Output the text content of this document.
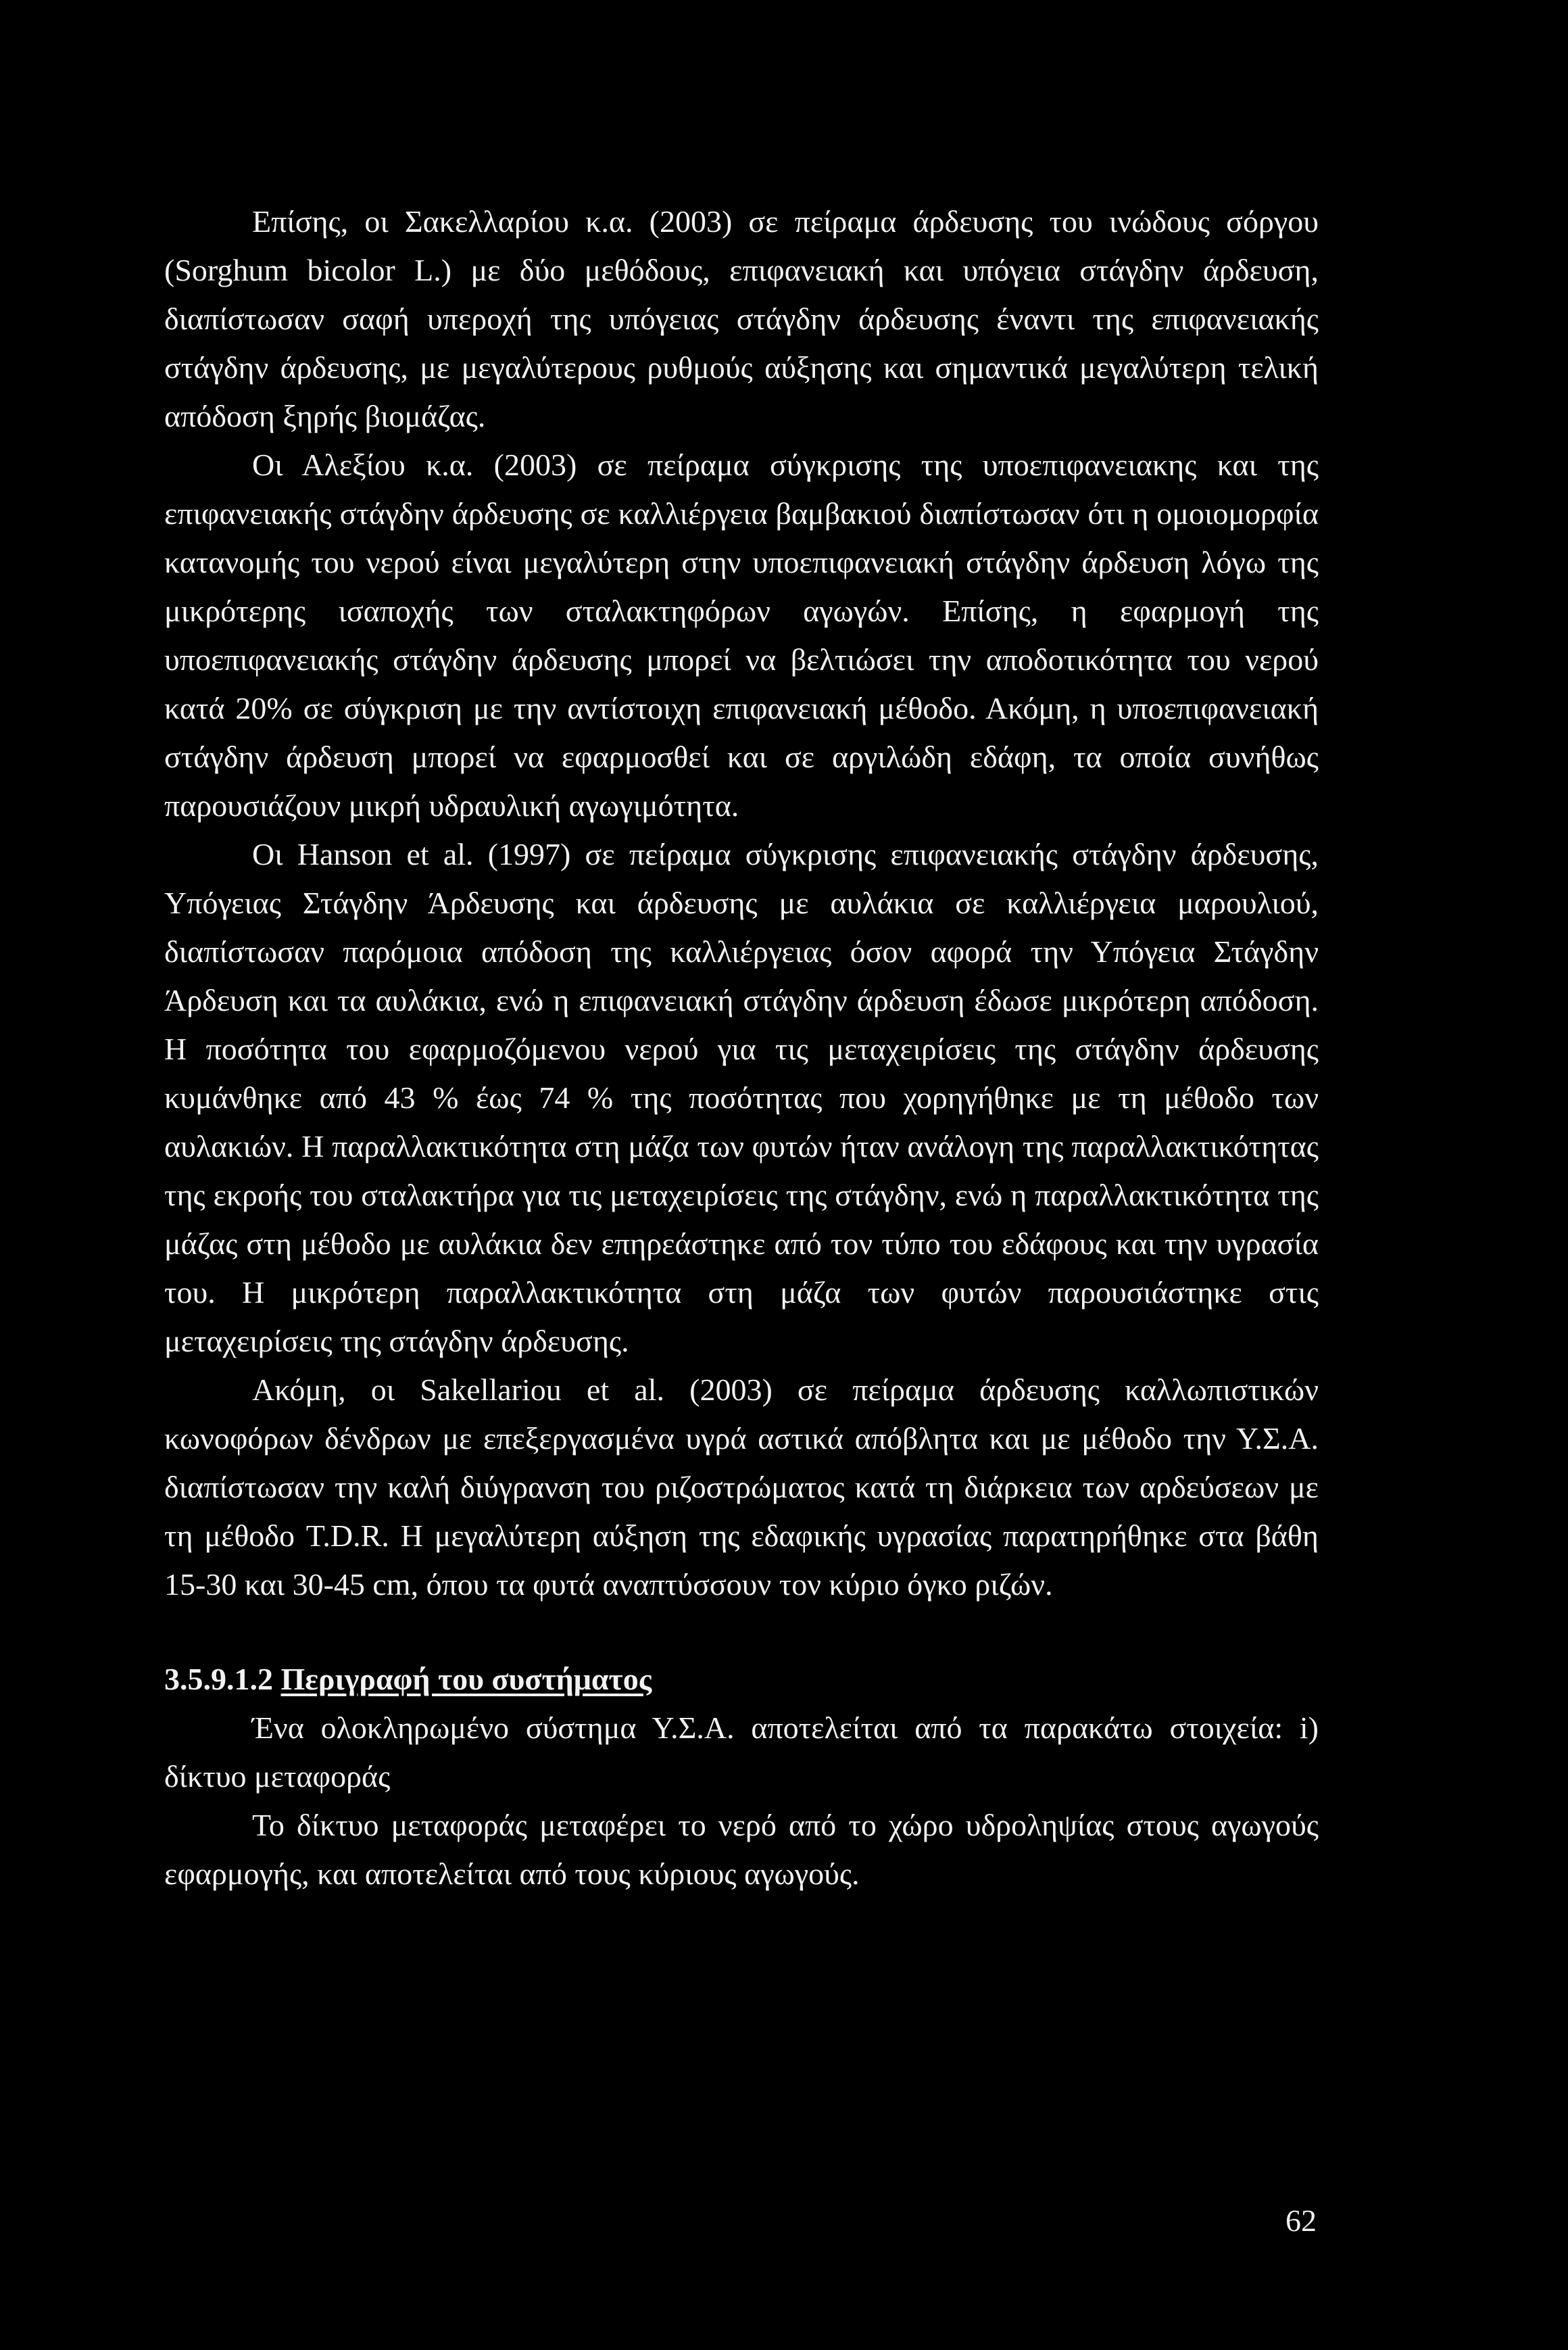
Επίσης, οι Σακελλαρίου κ.α. (2003) σε πείραμα άρδευσης του ινώδους σόργου (Sorghum bicolor L.) με δύο μεθόδους, επιφανειακή και υπόγεια στάγδην άρδευση, διαπίστωσαν σαφή υπεροχή της υπόγειας στάγδην άρδευσης έναντι της επιφανειακής στάγδην άρδευσης, με μεγαλύτερους ρυθμούς αύξησης και σημαντικά μεγαλύτερη τελική απόδοση ξηρής βιομάζας.

Οι Αλεξίου κ.α. (2003) σε πείραμα σύγκρισης της υποεπιφανειακης και της επιφανειακής στάγδην άρδευσης σε καλλιέργεια βαμβακιού διαπίστωσαν ότι η ομοιομορφία κατανομής του νερού είναι μεγαλύτερη στην υποεπιφανειακή στάγδην άρδευση λόγω της μικρότερης ισαποχής των σταλακτηφόρων αγωγών. Επίσης, η εφαρμογή της υποεπιφανειακής στάγδην άρδευσης μπορεί να βελτιώσει την αποδοτικότητα του νερού κατά 20% σε σύγκριση με την αντίστοιχη επιφανειακή μέθοδο. Ακόμη, η υποεπιφανειακή στάγδην άρδευση μπορεί να εφαρμοσθεί και σε αργιλώδη εδάφη, τα οποία συνήθως παρουσιάζουν μικρή υδραυλική αγωγιμότητα.

Οι Hanson et al. (1997) σε πείραμα σύγκρισης επιφανειακής στάγδην άρδευσης, Υπόγειας Στάγδην Άρδευσης και άρδευσης με αυλάκια σε καλλιέργεια μαρουλιού, διαπίστωσαν παρόμοια απόδοση της καλλιέργειας όσον αφορά την Υπόγεια Στάγδην Άρδευση και τα αυλάκια, ενώ η επιφανειακή στάγδην άρδευση έδωσε μικρότερη απόδοση. Η ποσότητα του εφαρμοζόμενου νερού για τις μεταχειρίσεις της στάγδην άρδευσης κυμάνθηκε από 43 % έως 74 % της ποσότητας που χορηγήθηκε με τη μέθοδο των αυλακιών. Η παραλλακτικότητα στη μάζα των φυτών ήταν ανάλογη της παραλλακτικότητας της εκροής του σταλακτήρα για τις μεταχειρίσεις της στάγδην, ενώ η παραλλακτικότητα της μάζας στη μέθοδο με αυλάκια δεν επηρεάστηκε από τον τύπο του εδάφους και την υγρασία του. Η μικρότερη παραλλακτικότητα στη μάζα των φυτών παρουσιάστηκε στις μεταχειρίσεις της στάγδην άρδευσης.

Ακόμη, οι Sakellariou et al. (2003) σε πείραμα άρδευσης καλλωπιστικών κωνοφόρων δένδρων με επεξεργασμένα υγρά αστικά απόβλητα και με μέθοδο την Υ.Σ.Α. διαπίστωσαν την καλή διύγρανση του ριζοστρώματος κατά τη διάρκεια των αρδεύσεων με τη μέθοδο T.D.R. Η μεγαλύτερη αύξηση της εδαφικής υγρασίας παρατηρήθηκε στα βάθη 15-30 και 30-45 cm, όπου τα φυτά αναπτύσσουν τον κύριο όγκο ριζών.

3.5.9.1.2 Περιγραφή του συστήματος

Ένα ολοκληρωμένο σύστημα Υ.Σ.Α. αποτελείται από τα παρακάτω στοιχεία: i) δίκτυο μεταφοράς

Το δίκτυο μεταφοράς μεταφέρει το νερό από το χώρο υδροληψίας στους αγωγούς εφαρμογής, και αποτελείται από τους κύριους αγωγούς.

62
